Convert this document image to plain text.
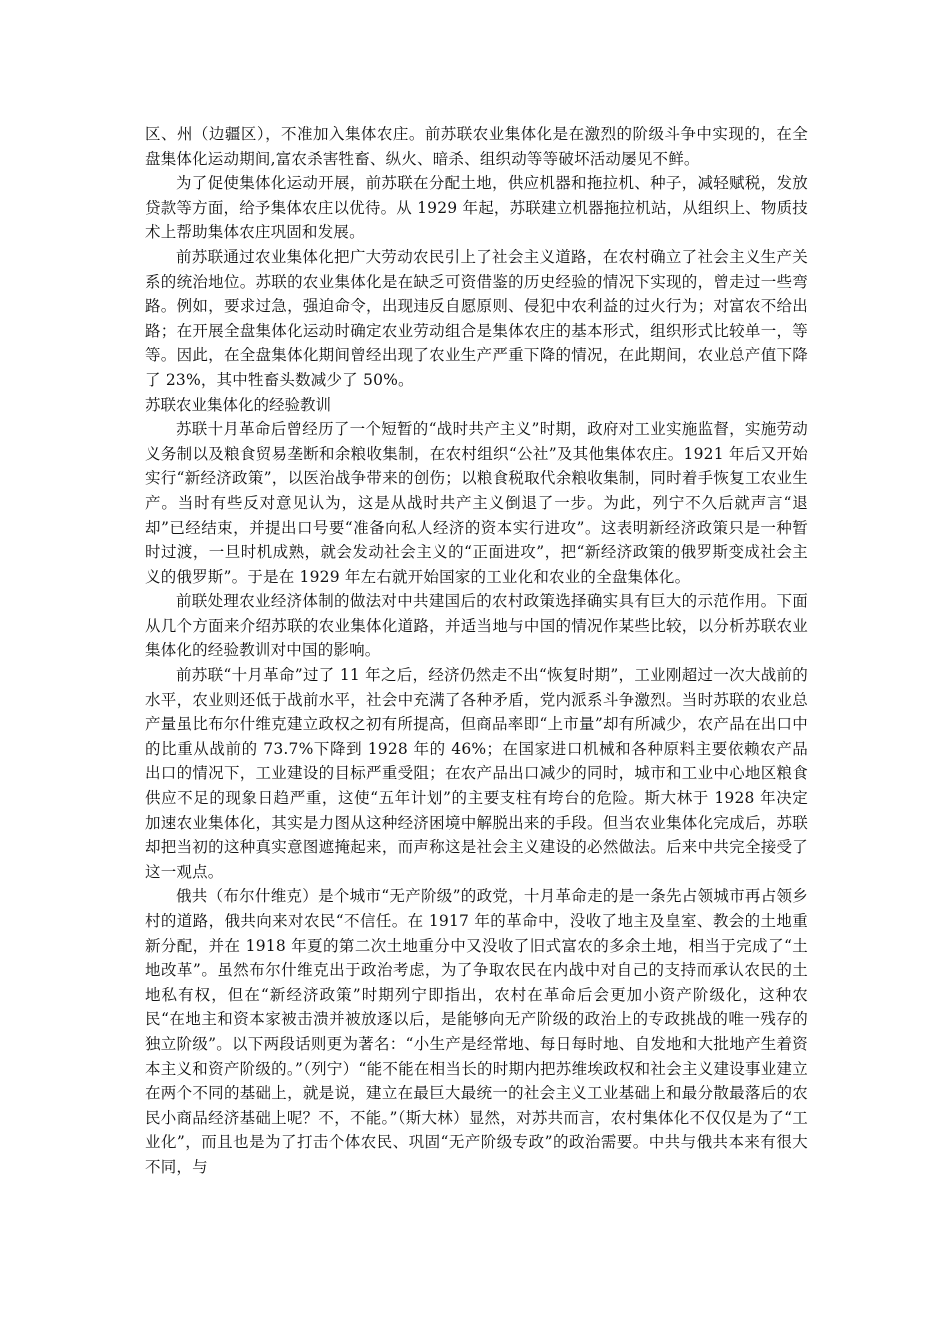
区、州（边疆区），不准加入集体农庄。前苏联农业集体化是在激烈的阶级斗争中实现的，在全盘集体化运动期间,富农杀害牲畜、纵火、暗杀、组织动等等破坏活动屡见不鲜。

为了促使集体化运动开展，前苏联在分配土地，供应机器和拖拉机、种子，减轻赋税，发放贷款等方面，给予集体农庄以优待。从 1929 年起，苏联建立机器拖拉机站，从组织上、物质技术上帮助集体农庄巩固和发展。

前苏联通过农业集体化把广大劳动农民引上了社会主义道路，在农村确立了社会主义生产关系的统治地位。苏联的农业集体化是在缺乏可资借鉴的历史经验的情况下实现的，曾走过一些弯路。例如，要求过急，强迫命令，出现违反自愿原则、侵犯中农利益的过火行为；对富农不给出路；在开展全盘集体化运动时确定农业劳动组合是集体农庄的基本形式，组织形式比较单一，等等。因此，在全盘集体化期间曾经出现了农业生产严重下降的情况，在此期间，农业总产值下降了 23%，其中牲畜头数减少了 50%。

苏联农业集体化的经验教训

苏联十月革命后曾经历了一个短暂的“战时共产主义”时期，政府对工业实施监督，实施劳动义务制以及粮食贸易垄断和余粮收集制，在农村组织“公社”及其他集体农庄。1921 年后又开始实行“新经济政策”，以医治战争带来的创伤；以粮食税取代余粮收集制，同时着手恢复工农业生产。当时有些反对意见认为，这是从战时共产主义倒退了一步。为此，列宁不久后就声言“退却”已经结束，并提出口号要“准备向私人经济的资本实行进攻”。这表明新经济政策只是一种暂时过渡，一旦时机成熟，就会发动社会主义的“正面进攻”，把“新经济政策的俄罗斯变成社会主义的俄罗斯”。于是在 1929 年左右就开始国家的工业化和农业的全盘集体化。

前联处理农业经济体制的做法对中共建国后的农村政策选择确实具有巨大的示范作用。下面从几个方面来介绍苏联的农业集体化道路，并适当地与中国的情况作某些比较，以分析苏联农业集体化的经验教训对中国的影响。

前苏联“十月革命”过了 11 年之后，经济仍然走不出“恢复时期”，工业刚超过一次大战前的水平，农业则还低于战前水平，社会中充满了各种矛盾，党内派系斗争激烈。当时苏联的农业总产量虽比布尔什维克建立政权之初有所提高，但商品率即“上市量”却有所减少，农产品在出口中的比重从战前的 73.7%下降到 1928 年的 46%；在国家进口机械和各种原料主要依赖农产品出口的情况下，工业建设的目标严重受阻；在农产品出口减少的同时，城市和工业中心地区粮食供应不足的现象日趋严重，这使“五年计划”的主要支柱有垮台的危险。斯大林于 1928 年决定加速农业集体化，其实是力图从这种经济困境中解脱出来的手段。但当农业集体化完成后，苏联却把当初的这种真实意图遮掩起来，而声称这是社会主义建设的必然做法。后来中共完全接受了这一观点。

俄共（布尔什维克）是个城市“无产阶级”的政党，十月革命走的是一条先占领城市再占领乡村的道路，俄共向来对农民“不信任。在 1917 年的革命中，没收了地主及皇室、教会的土地重新分配，并在 1918 年夏的第二次土地重分中又没收了旧式富农的多余土地，相当于完成了“土地改革”。虽然布尔什维克出于政治考虑，为了争取农民在内战中对自己的支持而承认农民的土地私有权，但在“新经济政策”时期列宁即指出，农村在革命后会更加小资产阶级化，这种农民“在地主和资本家被击溃并被放逐以后，是能够向无产阶级的政治上的专政挑战的唯一残存的独立阶级”。以下两段话则更为著名：“小生产是经常地、每日每时地、自发地和大批地产生着资本主义和资产阶级的。”（列宁）“能不能在相当长的时期内把苏维埃政权和社会主义建设事业建立在两个不同的基础上，就是说，建立在最巨大最统一的社会主义工业基础上和最分散最落后的农民小商品经济基础上呢？不，不能。”（斯大林）显然，对苏共而言，农村集体化不仅仅是为了“工业化”，而且也是为了打击个体农民、巩固“无产阶级专政”的政治需要。中共与俄共本来有很大不同，与
